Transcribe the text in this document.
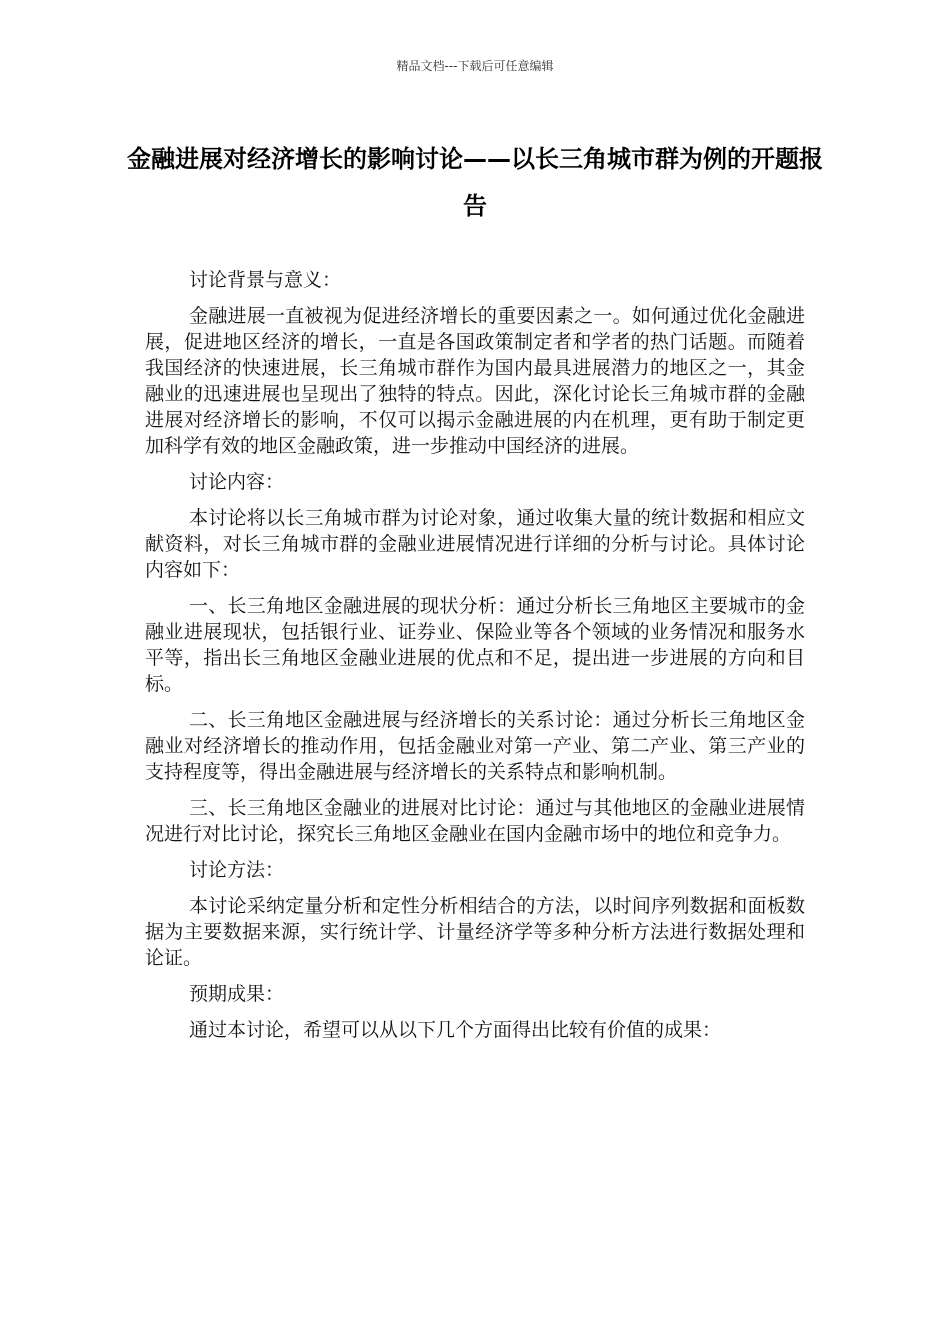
精品文档---下载后可任意编辑
金融进展对经济增长的影响讨论——以长三角城市群为例的开题报告

讨论背景与意义：

金融进展一直被视为促进经济增长的重要因素之一。如何通过优化金融进展，促进地区经济的增长，一直是各国政策制定者和学者的热门话题。而随着我国经济的快速进展，长三角城市群作为国内最具进展潜力的地区之一，其金融业的迅速进展也呈现出了独特的特点。因此，深化讨论长三角城市群的金融进展对经济增长的影响，不仅可以揭示金融进展的内在机理，更有助于制定更加科学有效的地区金融政策，进一步推动中国经济的进展。

讨论内容：

本讨论将以长三角城市群为讨论对象，通过收集大量的统计数据和相应文献资料，对长三角城市群的金融业进展情况进行详细的分析与讨论。具体讨论内容如下：

一、长三角地区金融进展的现状分析：通过分析长三角地区主要城市的金融业进展现状，包括银行业、证券业、保险业等各个领域的业务情况和服务水平等，指出长三角地区金融业进展的优点和不足，提出进一步进展的方向和目标。

二、长三角地区金融进展与经济增长的关系讨论：通过分析长三角地区金融业对经济增长的推动作用，包括金融业对第一产业、第二产业、第三产业的支持程度等，得出金融进展与经济增长的关系特点和影响机制。

三、长三角地区金融业的进展对比讨论：通过与其他地区的金融业进展情况进行对比讨论，探究长三角地区金融业在国内金融市场中的地位和竞争力。

讨论方法：

本讨论采纳定量分析和定性分析相结合的方法，以时间序列数据和面板数据为主要数据来源，实行统计学、计量经济学等多种分析方法进行数据处理和论证。

预期成果：

通过本讨论，希望可以从以下几个方面得出比较有价值的成果：
